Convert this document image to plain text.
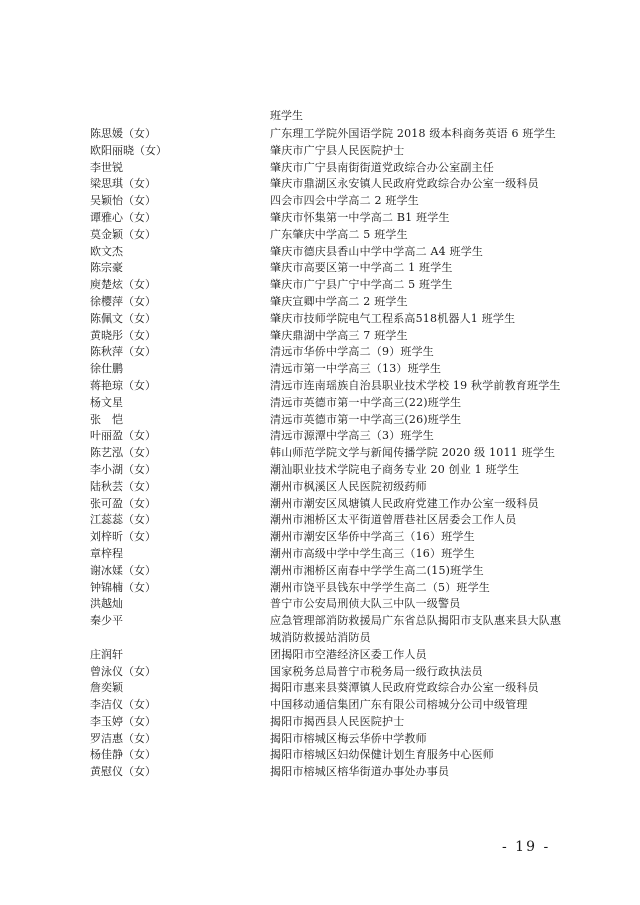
班学生
陈思媛（女）	广东理工学院外国语学院 2018 级本科商务英语 6 班学生
欧阳丽晓（女）	肇庆市广宁县人民医院护士
李世锐	肇庆市广宁县南街街道党政综合办公室副主任
梁思琪（女）	肇庆市鼎湖区永安镇人民政府党政综合办公室一级科员
吴颖怡（女）	四会市四会中学高二 2 班学生
谭雅心（女）	肇庆市怀集第一中学高二 B1 班学生
莫金颖（女）	广东肇庆中学高二 5 班学生
欧文杰	肇庆市德庆县香山中学中学高二 A4 班学生
陈宗豪	肇庆市高要区第一中学高二 1 班学生
庾楚炫（女）	肇庆市广宁县广宁中学高二 5 班学生
徐樱萍（女）	肇庆宣卿中学高二 2 班学生
陈佩文（女）	肇庆市技师学院电气工程系高518机器人1 班学生
黄晓彤（女）	肇庆鼎湖中学高三 7 班学生
陈秋萍（女）	清远市华侨中学高二（9）班学生
徐仕鹏	清远市第一中学高三（13）班学生
蒋艳琼（女）	清远市连南瑶族自治县职业技术学校 19 秋学前教育班学生
杨文星	清远市英德市第一中学高三(22)班学生
张　恺	清远市英德市第一中学高三(26)班学生
叶丽盈（女）	清远市源潭中学高三（3）班学生
陈艺泓（女）	韩山师范学院文学与新闻传播学院 2020 级 1011 班学生
李小湖（女）	潮汕职业技术学院电子商务专业 20 创业 1 班学生
陆秋芸（女）	潮州市枫溪区人民医院初级药师
张可盈（女）	潮州市潮安区凤塘镇人民政府党建工作办公室一级科员
江蕊蕊（女）	潮州市湘桥区太平街道曾厝巷社区居委会工作人员
刘梓昕（女）	潮州市潮安区华侨中学高三（16）班学生
章梓程	潮州市高级中学中学生高三（16）班学生
谢冰媃（女）	潮州市湘桥区南春中学学生高二(15)班学生
钟锦楠（女）	潮州市饶平县钱东中学学生高二（5）班学生
洪越灿	普宁市公安局刑侦大队三中队一级警员
秦少平	应急管理部消防救援局广东省总队揭阳市支队惠来县大队惠城消防救援站消防员
庄润轩	团揭阳市空港经济区委工作人员
曾泳仪（女）	国家税务总局普宁市税务局一级行政执法员
詹奕颖	揭阳市惠来县葵潭镇人民政府党政综合办公室一级科员
李洁仪（女）	中国移动通信集团广东有限公司榕城分公司中级管理
李玉婷（女）	揭阳市揭西县人民医院护士
罗洁惠（女）	揭阳市榕城区梅云华侨中学教师
杨佳静（女）	揭阳市榕城区妇幼保健计划生育服务中心医师
黄慰仪（女）	揭阳市榕城区榕华街道办事处办事员
- 19 -
